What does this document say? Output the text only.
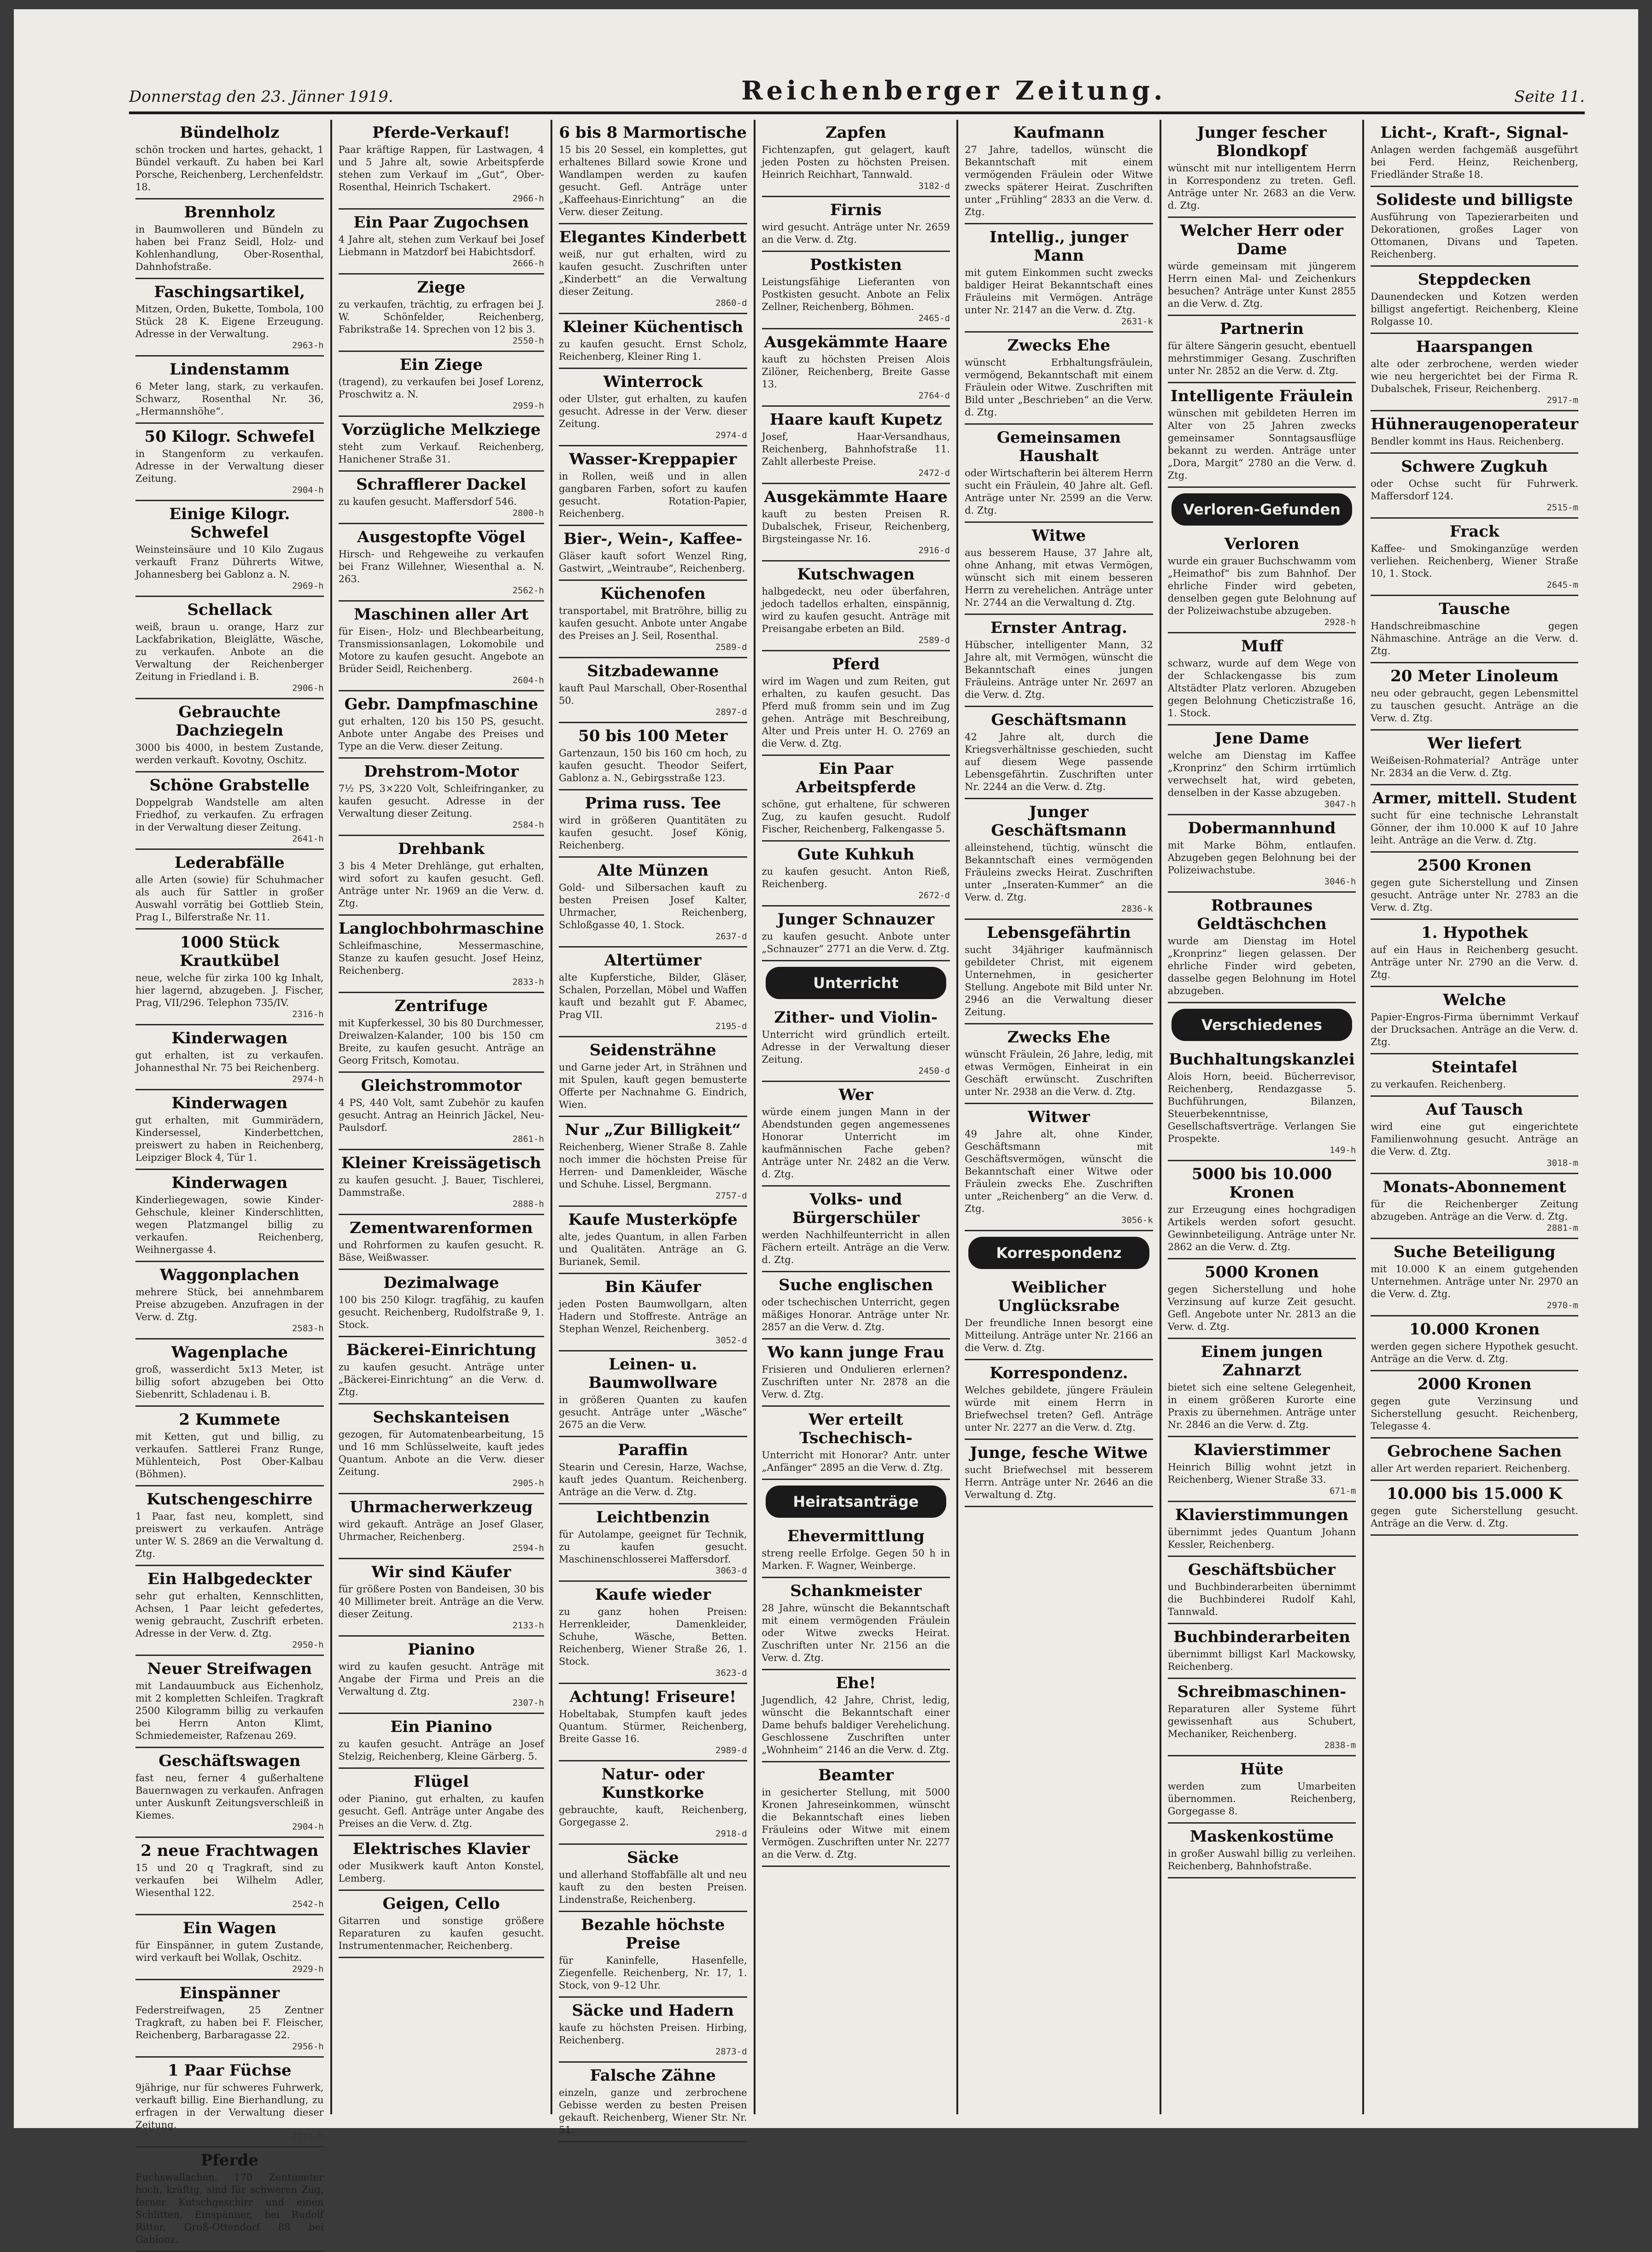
Donnerstag den 23. Jänner 1919.	Reichenberger Zeitung.	Seite 11.
Bündelholz

schön trocken und hartes, gehackt, 1 Bündel verkauft. Zu haben bei Karl Porsche, Reichenberg, Lerchenfeldstr. 18.

Brennholz

in Baumwolleren und Bündeln zu haben bei Franz Seidl, Holz- und Kohlenhandlung, Ober-Rosenthal, Dahnhofstraße.

Faschingsartikel,

Mitzen, Orden, Bukette, Tombola, 100 Stück 28 K. Eigene Erzeugung. Adresse in der Verwaltung.

2963-h
Lindenstamm

6 Meter lang, stark, zu verkaufen. Schwarz, Rosenthal Nr. 36, „Hermannshöhe“.

50 Kilogr. Schwefel

in Stangenform zu verkaufen. Adresse in der Verwaltung dieser Zeitung.

2904-h
Einige Kilogr. Schwefel

Weinsteinsäure und 10 Kilo Zugaus verkauft Franz Dührerts Witwe, Johannesberg bei Gablonz a. N.

2969-h
Schellack

weiß, braun u. orange, Harz zur Lackfabrikation, Bleiglätte, Wäsche, zu verkaufen. Anbote an die Verwaltung der Reichenberger Zeitung in Friedland i. B.

2906-h
Gebrauchte Dachziegeln

3000 bis 4000, in bestem Zustande, werden verkauft. Kovotny, Oschitz.

Schöne Grabstelle

Doppelgrab Wandstelle am alten Friedhof, zu verkaufen. Zu erfragen in der Verwaltung dieser Zeitung.

2641-h
Lederabfälle

alle Arten (sowie) für Schuhmacher als auch für Sattler in großer Auswahl vorrätig bei Gottlieb Stein, Prag I., Bilferstraße Nr. 11.

1000 Stück Krautkübel

neue, welche für zirka 100 kg Inhalt, hier lagernd, abzugeben. J. Fischer, Prag, VII/296. Telephon 735/IV.

2316-h
Kinderwagen

gut erhalten, ist zu verkaufen. Johannesthal Nr. 75 bei Reichenberg.

2974-h
Kinderwagen

gut erhalten, mit Gummirädern, Kindersessel, Kinderbettchen, preiswert zu haben in Reichenberg, Leipziger Block 4, Tür 1.

Kinderwagen

Kinderliegewagen, sowie Kinder-Gehschule, kleiner Kinderschlitten, wegen Platzmangel billig zu verkaufen. Reichenberg, Weihnergasse 4.

Waggonplachen

mehrere Stück, bei annehmbarem Preise abzugeben. Anzufragen in der Verw. d. Ztg.

2583-h
Wagenplache

groß, wasserdicht 5x13 Meter, ist billig sofort abzugeben bei Otto Siebenritt, Schladenau i. B.

2 Kummete

mit Ketten, gut und billig, zu verkaufen. Sattlerei Franz Runge, Mühlenteich, Post Ober-Kalbau (Böhmen).

Kutschengeschirre

1 Paar, fast neu, komplett, sind preiswert zu verkaufen. Anträge unter W. S. 2869 an die Verwaltung d. Ztg.

Ein Halbgedeckter

sehr gut erhalten, Kennschlitten, Achsen, 1 Paar leicht gefedertes, wenig gebraucht, Zuschrift erbeten. Adresse in der Verw. d. Ztg.

2950-h
Neuer Streifwagen

mit Landauumbuck aus Eichenholz, mit 2 kompletten Schleifen. Tragkraft 2500 Kilogramm billig zu verkaufen bei Herrn Anton Klimt, Schmiedemeister, Rafzenau 269.

Geschäftswagen

fast neu, ferner 4 gußerhaltene Bauernwagen zu verkaufen. Anfragen unter Auskunft Zeitungsverschleiß in Kiemes.

2904-h
2 neue Frachtwagen

15 und 20 q Tragkraft, sind zu verkaufen bei Wilhelm Adler, Wiesenthal 122.

2542-h
Ein Wagen

für Einspänner, in gutem Zustande, wird verkauft bei Wollak, Oschitz.

2929-h
Einspänner

Federstreifwagen, 25 Zentner Tragkraft, zu haben bei F. Fleischer, Reichenberg, Barbaragasse 22.

2956-h
1 Paar Füchse

9jährige, nur für schweres Fuhrwerk, verkauft billig. Eine Bierhandlung, zu erfragen in der Verwaltung dieser Zeitung.

2241-h
Pferde

Fuchswallachen, 170 Zentimeter hoch, kräftig, sind für schweren Zug, ferner Kutschgeschirr und einen Schlitten, Einspänner, bei Rudolf Ritter, Groß-Ottendorf 88 bei Gablonz.

Pferde-Verkauf!

Paar kräftige Rappen, für Lastwagen, 4 und 5 Jahre alt, sowie Arbeitspferde stehen zum Verkauf im „Gut“, Ober-Rosenthal, Heinrich Tschakert.

2966-h
Ein Paar Zugochsen

4 Jahre alt, stehen zum Verkauf bei Josef Liebmann in Matzdorf bei Habichtsdorf.

2666-h
Ziege

zu verkaufen, trächtig, zu erfragen bei J. W. Schönfelder, Reichenberg, Fabrikstraße 14. Sprechen von 12 bis 3.

2550-h
Ein Ziege

(tragend), zu verkaufen bei Josef Lorenz, Proschwitz a. N.

2959-h
Vorzügliche Melkziege

steht zum Verkauf. Reichenberg, Hanichener Straße 31.

Schrafflerer Dackel

zu kaufen gesucht. Maffersdorf 546.

2800-h
Ausgestopfte Vögel

Hirsch- und Rehgeweihe zu verkaufen bei Franz Willehner, Wiesenthal a. N. 263.

2562-h
Maschinen aller Art

für Eisen-, Holz- und Blechbearbeitung, Transmissionsanlagen, Lokomobile und Motore zu kaufen gesucht. Angebote an Brüder Seidl, Reichenberg.

2604-h
Gebr. Dampfmaschine

gut erhalten, 120 bis 150 PS, gesucht. Anbote unter Angabe des Preises und Type an die Verw. dieser Zeitung.

Drehstrom-Motor

7½ PS, 3×220 Volt, Schleifringanker, zu kaufen gesucht. Adresse in der Verwaltung dieser Zeitung.

2584-h
Drehbank

3 bis 4 Meter Drehlänge, gut erhalten, wird sofort zu kaufen gesucht. Gefl. Anträge unter Nr. 1969 an die Verw. d. Ztg.

Langlochbohrmaschine

Schleifmaschine, Messermaschine, Stanze zu kaufen gesucht. Josef Heinz, Reichenberg.

2833-h
Zentrifuge

mit Kupferkessel, 30 bis 80 Durchmesser, Dreiwalzen-Kalander, 100 bis 150 cm Breite, zu kaufen gesucht. Anträge an Georg Fritsch, Komotau.

Gleichstrommotor

4 PS, 440 Volt, samt Zubehör zu kaufen gesucht. Antrag an Heinrich Jäckel, Neu-Paulsdorf.

2861-h
Kleiner Kreissägetisch

zu kaufen gesucht. J. Bauer, Tischlerei, Dammstraße.

2888-h
Zementwarenformen

und Rohrformen zu kaufen gesucht. R. Bäse, Weißwasser.

Dezimalwage

100 bis 250 Kilogr. tragfähig, zu kaufen gesucht. Reichenberg, Rudolfstraße 9, 1. Stock.

Bäckerei-Einrichtung

zu kaufen gesucht. Anträge unter „Bäckerei-Einrichtung“ an die Verw. d. Ztg.

Sechskanteisen

gezogen, für Automatenbearbeitung, 15 und 16 mm Schlüsselweite, kauft jedes Quantum. Anbote an die Verw. dieser Zeitung.

2905-h
Uhrmacherwerkzeug

wird gekauft. Anträge an Josef Glaser, Uhrmacher, Reichenberg.

2594-h
Wir sind Käufer

für größere Posten von Bandeisen, 30 bis 40 Millimeter breit. Anträge an die Verw. dieser Zeitung.

2133-h
Pianino

wird zu kaufen gesucht. Anträge mit Angabe der Firma und Preis an die Verwaltung d. Ztg.

2307-h
Ein Pianino

zu kaufen gesucht. Anträge an Josef Stelzig, Reichenberg, Kleine Gärberg. 5.

Flügel

oder Pianino, gut erhalten, zu kaufen gesucht. Gefl. Anträge unter Angabe des Preises an die Verw. d. Ztg.

Elektrisches Klavier

oder Musikwerk kauft Anton Konstel, Lemberg.

Geigen, Cello

Gitarren und sonstige größere Reparaturen zu kaufen gesucht. Instrumentenmacher, Reichenberg.

6 bis 8 Marmortische

15 bis 20 Sessel, ein komplettes, gut erhaltenes Billard sowie Krone und Wandlampen werden zu kaufen gesucht. Gefl. Anträge unter „Kaffeehaus-Einrichtung“ an die Verw. dieser Zeitung.

Elegantes Kinderbett

weiß, nur gut erhalten, wird zu kaufen gesucht. Zuschriften unter „Kinderbett“ an die Verwaltung dieser Zeitung.

2860-d
Kleiner Küchentisch

zu kaufen gesucht. Ernst Scholz, Reichenberg, Kleiner Ring 1.

Winterrock

oder Ulster, gut erhalten, zu kaufen gesucht. Adresse in der Verw. dieser Zeitung.

2974-d
Wasser-Kreppapier

in Rollen, weiß und in allen gangbaren Farben, sofort zu kaufen gesucht. Rotation-Papier, Reichenberg.

Bier-, Wein-, Kaffee-

Gläser kauft sofort Wenzel Ring, Gastwirt, „Weintraube“, Reichenberg.

Küchenofen

transportabel, mit Bratröhre, billig zu kaufen gesucht. Anbote unter Angabe des Preises an J. Seil, Rosenthal.

2589-d
Sitzbadewanne

kauft Paul Marschall, Ober-Rosenthal 50.

2897-d
50 bis 100 Meter

Gartenzaun, 150 bis 160 cm hoch, zu kaufen gesucht. Theodor Seifert, Gablonz a. N., Gebirgsstraße 123.

Prima russ. Tee

wird in größeren Quantitäten zu kaufen gesucht. Josef König, Reichenberg.

Alte Münzen

Gold- und Silbersachen kauft zu besten Preisen Josef Kalter, Uhrmacher, Reichenberg, Schloßgasse 40, 1. Stock.

2637-d
Altertümer

alte Kupferstiche, Bilder, Gläser, Schalen, Porzellan, Möbel und Waffen kauft und bezahlt gut F. Abamec, Prag VII.

2195-d
Seidensträhne

und Garne jeder Art, in Strähnen und mit Spulen, kauft gegen bemusterte Offerte per Nachnahme G. Eindrich, Wien.

Nur „Zur Billigkeit“

Reichenberg, Wiener Straße 8. Zahle noch immer die höchsten Preise für Herren- und Damenkleider, Wäsche und Schuhe. Lissel, Bergmann.

2757-d
Kaufe Musterköpfe

alte, jedes Quantum, in allen Farben und Qualitäten. Anträge an G. Burianek, Semil.

Bin Käufer

jeden Posten Baumwollgarn, alten Hadern und Stoffreste. Anträge an Stephan Wenzel, Reichenberg.

3052-d
Leinen- u. Baumwollware

in größeren Quanten zu kaufen gesucht. Anträge unter „Wäsche“ 2675 an die Verw.

Paraffin

Stearin und Ceresin, Harze, Wachse, kauft jedes Quantum. Reichenberg. Anträge an die Verw. d. Ztg.

Leichtbenzin

für Autolampe, geeignet für Technik, zu kaufen gesucht. Maschinenschlosserei Maffersdorf.

3063-d
Kaufe wieder

zu ganz hohen Preisen: Herrenkleider, Damenkleider, Schuhe, Wäsche, Betten. Reichenberg, Wiener Straße 26, 1. Stock.

3623-d
Achtung! Friseure!

Hobeltabak, Stumpfen kauft jedes Quantum. Stürmer, Reichenberg, Breite Gasse 16.

2989-d
Natur- oder Kunstkorke

gebrauchte, kauft, Reichenberg, Gorgegasse 2.

2918-d
Säcke

und allerhand Stoffabfälle alt und neu kauft zu den besten Preisen. Lindenstraße, Reichenberg.

Bezahle höchste Preise

für Kaninfelle, Hasenfelle, Ziegenfelle. Reichenberg, Nr. 17, 1. Stock, von 9–12 Uhr.

Säcke und Hadern

kaufe zu höchsten Preisen. Hirbing, Reichenberg.

2873-d
Falsche Zähne

einzeln, ganze und zerbrochene Gebisse werden zu besten Preisen gekauft. Reichenberg, Wiener Str. Nr. 51.

Zapfen

Fichtenzapfen, gut gelagert, kauft jeden Posten zu höchsten Preisen. Heinrich Reichhart, Tannwald.

3182-d
Firnis

wird gesucht. Anträge unter Nr. 2659 an die Verw. d. Ztg.

Postkisten

Leistungsfähige Lieferanten von Postkisten gesucht. Anbote an Felix Zellner, Reichenberg, Böhmen.

2465-d
Ausgekämmte Haare

kauft zu höchsten Preisen Alois Zilöner, Reichenberg, Breite Gasse 13.

2764-d
Haare kauft Kupetz

Josef, Haar-Versandhaus, Reichenberg, Bahnhofstraße 11. Zahlt allerbeste Preise.

2472-d
Ausgekämmte Haare

kauft zu besten Preisen R. Dubalschek, Friseur, Reichenberg, Birgsteingasse Nr. 16.

2916-d
Kutschwagen

halbgedeckt, neu oder überfahren, jedoch tadellos erhalten, einspännig, wird zu kaufen gesucht. Anträge mit Preisangabe erbeten an Bild.

2589-d
Pferd

wird im Wagen und zum Reiten, gut erhalten, zu kaufen gesucht. Das Pferd muß fromm sein und im Zug gehen. Anträge mit Beschreibung, Alter und Preis unter H. O. 2769 an die Verw. d. Ztg.

Ein Paar Arbeitspferde

schöne, gut erhaltene, für schweren Zug, zu kaufen gesucht. Rudolf Fischer, Reichenberg, Falkengasse 5.

Gute Kuhkuh

zu kaufen gesucht. Anton Rieß, Reichenberg.

2672-d
Junger Schnauzer

zu kaufen gesucht. Anbote unter „Schnauzer“ 2771 an die Verw. d. Ztg.

Unterricht
Zither- und Violin-

Unterricht wird gründlich erteilt. Adresse in der Verwaltung dieser Zeitung.

2450-d
Wer

würde einem jungen Mann in der Abendstunden gegen angemessenes Honorar Unterricht im kaufmännischen Fache geben? Anträge unter Nr. 2482 an die Verw. d. Ztg.

Volks- und Bürgerschüler

werden Nachhilfeunterricht in allen Fächern erteilt. Anträge an die Verw. d. Ztg.

Suche englischen

oder tschechischen Unterricht, gegen mäßiges Honorar. Anträge unter Nr. 2857 an die Verw. d. Ztg.

Wo kann junge Frau

Frisieren und Ondulieren erlernen? Zuschriften unter Nr. 2878 an die Verw. d. Ztg.

Wer erteilt Tschechisch-

Unterricht mit Honorar? Antr. unter „Anfänger“ 2895 an die Verw. d. Ztg.

Heiratsanträge
Ehevermittlung

streng reelle Erfolge. Gegen 50 h in Marken. F. Wagner, Weinberge.

Schankmeister

28 Jahre, wünscht die Bekanntschaft mit einem vermögenden Fräulein oder Witwe zwecks Heirat. Zuschriften unter Nr. 2156 an die Verw. d. Ztg.

Ehe!

Jugendlich, 42 Jahre, Christ, ledig, wünscht die Bekanntschaft einer Dame behufs baldiger Verehelichung. Geschlossene Zuschriften unter „Wohnheim“ 2146 an die Verw. d. Ztg.

Beamter

in gesicherter Stellung, mit 5000 Kronen Jahreseinkommen, wünscht die Bekanntschaft eines lieben Fräuleins oder Witwe mit einem Vermögen. Zuschriften unter Nr. 2277 an die Verw. d. Ztg.

Kaufmann

27 Jahre, tadellos, wünscht die Bekanntschaft mit einem vermögenden Fräulein oder Witwe zwecks späterer Heirat. Zuschriften unter „Frühling“ 2833 an die Verw. d. Ztg.

Intellig., junger Mann

mit gutem Einkommen sucht zwecks baldiger Heirat Bekanntschaft eines Fräuleins mit Vermögen. Anträge unter Nr. 2147 an die Verw. d. Ztg.

2631-k
Zwecks Ehe

wünscht Erbhaltungsfräulein, vermögend, Bekanntschaft mit einem Fräulein oder Witwe. Zuschriften mit Bild unter „Beschrieben“ an die Verw. d. Ztg.

Gemeinsamen Haushalt

oder Wirtschafterin bei älterem Herrn sucht ein Fräulein, 40 Jahre alt. Gefl. Anträge unter Nr. 2599 an die Verw. d. Ztg.

Witwe

aus besserem Hause, 37 Jahre alt, ohne Anhang, mit etwas Vermögen, wünscht sich mit einem besseren Herrn zu verehelichen. Anträge unter Nr. 2744 an die Verwaltung d. Ztg.

Ernster Antrag.

Hübscher, intelligenter Mann, 32 Jahre alt, mit Vermögen, wünscht die Bekanntschaft eines jungen Fräuleins. Anträge unter Nr. 2697 an die Verw. d. Ztg.

Geschäftsmann

42 Jahre alt, durch die Kriegsverhältnisse geschieden, sucht auf diesem Wege passende Lebensgefährtin. Zuschriften unter Nr. 2244 an die Verw. d. Ztg.

Junger Geschäftsmann

alleinstehend, tüchtig, wünscht die Bekanntschaft eines vermögenden Fräuleins zwecks Heirat. Zuschriften unter „Inseraten-Kummer“ an die Verw. d. Ztg.

2836-k
Lebensgefährtin

sucht 34jähriger kaufmännisch gebildeter Christ, mit eigenem Unternehmen, in gesicherter Stellung. Angebote mit Bild unter Nr. 2946 an die Verwaltung dieser Zeitung.

Zwecks Ehe

wünscht Fräulein, 26 Jahre, ledig, mit etwas Vermögen, Einheirat in ein Geschäft erwünscht. Zuschriften unter Nr. 2938 an die Verw. d. Ztg.

Witwer

49 Jahre alt, ohne Kinder, Geschäftsmann mit Geschäftsvermögen, wünscht die Bekanntschaft einer Witwe oder Fräulein zwecks Ehe. Zuschriften unter „Reichenberg“ an die Verw. d. Ztg.

3056-k
Korrespondenz
Weiblicher Unglücksrabe

Der freundliche Innen besorgt eine Mitteilung. Anträge unter Nr. 2166 an die Verw. d. Ztg.

Korrespondenz.

Welches gebildete, jüngere Fräulein würde mit einem Herrn in Briefwechsel treten? Gefl. Anträge unter Nr. 2277 an die Verw. d. Ztg.

Junge, fesche Witwe

sucht Briefwechsel mit besserem Herrn. Anträge unter Nr. 2646 an die Verwaltung d. Ztg.

Junger fescher Blondkopf

wünscht mit nur intelligentem Herrn in Korrespondenz zu treten. Gefl. Anträge unter Nr. 2683 an die Verw. d. Ztg.

Welcher Herr oder Dame

würde gemeinsam mit jüngerem Herrn einen Mal- und Zeichenkurs besuchen? Anträge unter Kunst 2855 an die Verw. d. Ztg.

Partnerin

für ältere Sängerin gesucht, ebentuell mehrstimmiger Gesang. Zuschriften unter Nr. 2852 an die Verw. d. Ztg.

Intelligente Fräulein

wünschen mit gebildeten Herren im Alter von 25 Jahren zwecks gemeinsamer Sonntagsausflüge bekannt zu werden. Anträge unter „Dora, Margit“ 2780 an die Verw. d. Ztg.

Verloren-Gefunden
Verloren

wurde ein grauer Buchschwamm vom „Heimathof“ bis zum Bahnhof. Der ehrliche Finder wird gebeten, denselben gegen gute Belohnung auf der Polizeiwachstube abzugeben.

2928-h
Muff

schwarz, wurde auf dem Wege von der Schlackengasse bis zum Altstädter Platz verloren. Abzugeben gegen Belohnung Cheticzistraße 16, 1. Stock.

Jene Dame

welche am Dienstag im Kaffee „Kronprinz“ den Schirm irrtümlich verwechselt hat, wird gebeten, denselben in der Kasse abzugeben.

3047-h
Dobermannhund

mit Marke Böhm, entlaufen. Abzugeben gegen Belohnung bei der Polizeiwachstube.

3046-h
Rotbraunes Geldtäschchen

wurde am Dienstag im Hotel „Kronprinz“ liegen gelassen. Der ehrliche Finder wird gebeten, dasselbe gegen Belohnung im Hotel abzugeben.

Verschiedenes
Buchhaltungskanzlei

Alois Horn, beeid. Bücherrevisor, Reichenberg, Rendazgasse 5. Buchführungen, Bilanzen, Steuerbekenntnisse, Gesellschaftsverträge. Verlangen Sie Prospekte.

149-h
5000 bis 10.000 Kronen

zur Erzeugung eines hochgradigen Artikels werden sofort gesucht. Gewinnbeteiligung. Anträge unter Nr. 2862 an die Verw. d. Ztg.

5000 Kronen

gegen Sicherstellung und hohe Verzinsung auf kurze Zeit gesucht. Gefl. Angebote unter Nr. 2813 an die Verw. d. Ztg.

Einem jungen Zahnarzt

bietet sich eine seltene Gelegenheit, in einem größeren Kurorte eine Praxis zu übernehmen. Anträge unter Nr. 2846 an die Verw. d. Ztg.

Klavierstimmer

Heinrich Billig wohnt jetzt in Reichenberg, Wiener Straße 33.

671-m
Klavierstimmungen

übernimmt jedes Quantum Johann Kessler, Reichenberg.

Geschäftsbücher

und Buchbinderarbeiten übernimmt die Buchbinderei Rudolf Kahl, Tannwald.

Buchbinderarbeiten

übernimmt billigst Karl Mackowsky, Reichenberg.

Schreibmaschinen-

Reparaturen aller Systeme führt gewissenhaft aus Schubert, Mechaniker, Reichenberg.

2838-m
Hüte

werden zum Umarbeiten übernommen. Reichenberg, Gorgegasse 8.

Maskenkostüme

in großer Auswahl billig zu verleihen. Reichenberg, Bahnhofstraße.

Licht-, Kraft-, Signal-

Anlagen werden fachgemäß ausgeführt bei Ferd. Heinz, Reichenberg, Friedländer Straße 18.

Solideste und billigste

Ausführung von Tapezierarbeiten und Dekorationen, großes Lager von Ottomanen, Divans und Tapeten. Reichenberg.

Steppdecken

Daunendecken und Kotzen werden billigst angefertigt. Reichenberg, Kleine Rolgasse 10.

Haarspangen

alte oder zerbrochene, werden wieder wie neu hergerichtet bei der Firma R. Dubalschek, Friseur, Reichenberg.

2917-m
Hühneraugenoperateur

Bendler kommt ins Haus. Reichenberg.

Schwere Zugkuh

oder Ochse sucht für Fuhrwerk. Maffersdorf 124.

2515-m
Frack

Kaffee- und Smokinganzüge werden verliehen. Reichenberg, Wiener Straße 10, 1. Stock.

2645-m
Tausche

Handschreibmaschine gegen Nähmaschine. Anträge an die Verw. d. Ztg.

20 Meter Linoleum

neu oder gebraucht, gegen Lebensmittel zu tauschen gesucht. Anträge an die Verw. d. Ztg.

Wer liefert

Weißeisen-Rohmaterial? Anträge unter Nr. 2834 an die Verw. d. Ztg.

Armer, mittell. Student

sucht für eine technische Lehranstalt Gönner, der ihm 10.000 K auf 10 Jahre leiht. Anträge an die Verw. d. Ztg.

2500 Kronen

gegen gute Sicherstellung und Zinsen gesucht. Anträge unter Nr. 2783 an die Verw. d. Ztg.

1. Hypothek

auf ein Haus in Reichenberg gesucht. Anträge unter Nr. 2790 an die Verw. d. Ztg.

Welche

Papier-Engros-Firma übernimmt Verkauf der Drucksachen. Anträge an die Verw. d. Ztg.

Steintafel

zu verkaufen. Reichenberg.

Auf Tausch

wird eine gut eingerichtete Familienwohnung gesucht. Anträge an die Verw. d. Ztg.

3018-m
Monats-Abonnement

für die Reichenberger Zeitung abzugeben. Anträge an die Verw. d. Ztg.

2881-m
Suche Beteiligung

mit 10.000 K an einem gutgehenden Unternehmen. Anträge unter Nr. 2970 an die Verw. d. Ztg.

2970-m
10.000 Kronen

werden gegen sichere Hypothek gesucht. Anträge an die Verw. d. Ztg.

2000 Kronen

gegen gute Verzinsung und Sicherstellung gesucht. Reichenberg, Telegasse 4.

Gebrochene Sachen

aller Art werden repariert. Reichenberg.

10.000 bis 15.000 K

gegen gute Sicherstellung gesucht. Anträge an die Verw. d. Ztg.
